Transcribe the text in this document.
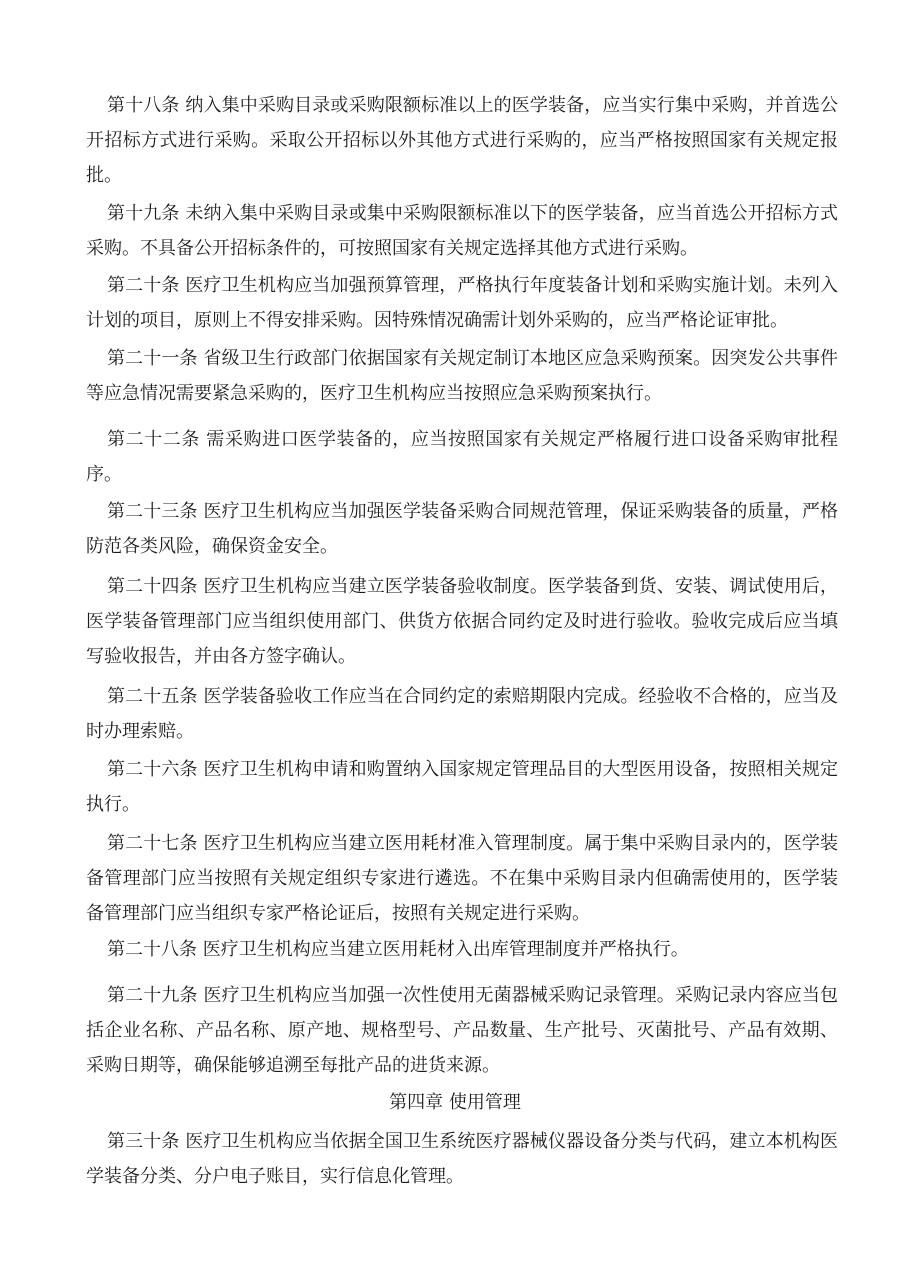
第十八条 纳入集中采购目录或采购限额标准以上的医学装备，应当实行集中采购，并首选公开招标方式进行采购。采取公开招标以外其他方式进行采购的，应当严格按照国家有关规定报批。

第十九条 未纳入集中采购目录或集中采购限额标准以下的医学装备，应当首选公开招标方式采购。不具备公开招标条件的，可按照国家有关规定选择其他方式进行采购。

第二十条 医疗卫生机构应当加强预算管理，严格执行年度装备计划和采购实施计划。未列入计划的项目，原则上不得安排采购。因特殊情况确需计划外采购的，应当严格论证审批。

第二十一条 省级卫生行政部门依据国家有关规定制订本地区应急采购预案。因突发公共事件等应急情况需要紧急采购的，医疗卫生机构应当按照应急采购预案执行。

第二十二条 需采购进口医学装备的，应当按照国家有关规定严格履行进口设备采购审批程序。

第二十三条 医疗卫生机构应当加强医学装备采购合同规范管理，保证采购装备的质量，严格防范各类风险，确保资金安全。

第二十四条 医疗卫生机构应当建立医学装备验收制度。医学装备到货、安装、调试使用后，医学装备管理部门应当组织使用部门、供货方依据合同约定及时进行验收。验收完成后应当填写验收报告，并由各方签字确认。

第二十五条 医学装备验收工作应当在合同约定的索赔期限内完成。经验收不合格的，应当及时办理索赔。

第二十六条 医疗卫生机构申请和购置纳入国家规定管理品目的大型医用设备，按照相关规定执行。

第二十七条 医疗卫生机构应当建立医用耗材准入管理制度。属于集中采购目录内的，医学装备管理部门应当按照有关规定组织专家进行遴选。不在集中采购目录内但确需使用的，医学装备管理部门应当组织专家严格论证后，按照有关规定进行采购。

第二十八条 医疗卫生机构应当建立医用耗材入出库管理制度并严格执行。

第二十九条 医疗卫生机构应当加强一次性使用无菌器械采购记录管理。采购记录内容应当包括企业名称、产品名称、原产地、规格型号、产品数量、生产批号、灭菌批号、产品有效期、采购日期等，确保能够追溯至每批产品的进货来源。

第四章 使用管理

第三十条 医疗卫生机构应当依据全国卫生系统医疗器械仪器设备分类与代码，建立本机构医学装备分类、分户电子账目，实行信息化管理。
